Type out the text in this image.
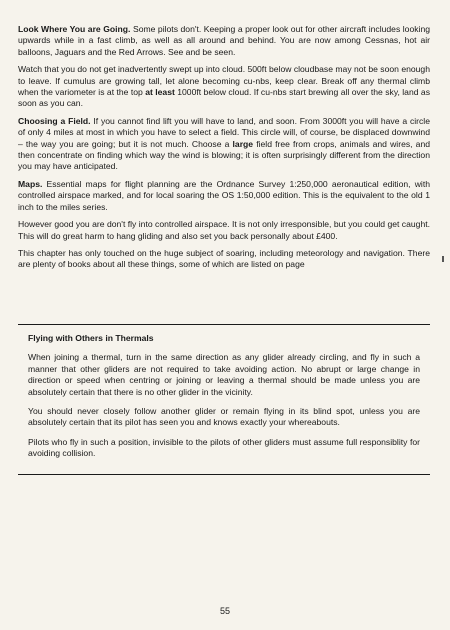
Look Where You are Going. Some pilots don't. Keeping a proper look out for other aircraft includes looking upwards while in a fast climb, as well as all around and behind. You are now among Cessnas, hot air balloons, Jaguars and the Red Arrows. See and be seen.

Watch that you do not get inadvertently swept up into cloud. 500ft below cloudbase may not be soon enough to leave. If cumulus are growing tall, let alone becoming cu-nbs, keep clear. Break off any thermal climb when the variometer is at the top at least 1000ft below cloud. If cu-nbs start brewing all over the sky, land as soon as you can.

Choosing a Field. If you cannot find lift you will have to land, and soon. From 3000ft you will have a circle of only 4 miles at most in which you have to select a field. This circle will, of course, be displaced downwind – the way you are going; but it is not much. Choose a large field free from crops, animals and wires, and then concentrate on finding which way the wind is blowing; it is often surprisingly different from the direction you may have anticipated.

Maps. Essential maps for flight planning are the Ordnance Survey 1:250,000 aeronautical edition, with controlled airspace marked, and for local soaring the OS 1:50,000 edition. This is the equivalent to the old 1 inch to the miles series.

However good you are don't fly into controlled airspace. It is not only irresponsible, but you could get caught. This will do great harm to hang gliding and also set you back personally about £400.

This chapter has only touched on the huge subject of soaring, including meteorology and navigation. There are plenty of books about all these things, some of which are listed on page

Flying with Others in Thermals

When joining a thermal, turn in the same direction as any glider already circling, and fly in such a manner that other gliders are not required to take avoiding action. No abrupt or large change in direction or speed when centring or joining or leaving a thermal should be made unless you are absolutely certain that there is no other glider in the vicinity.

You should never closely follow another glider or remain flying in its blind spot, unless you are absolutely certain that its pilot has seen you and knows exactly your whereabouts.

Pilots who fly in such a position, invisible to the pilots of other gliders must assume full responsiblity for avoiding collision.

55
